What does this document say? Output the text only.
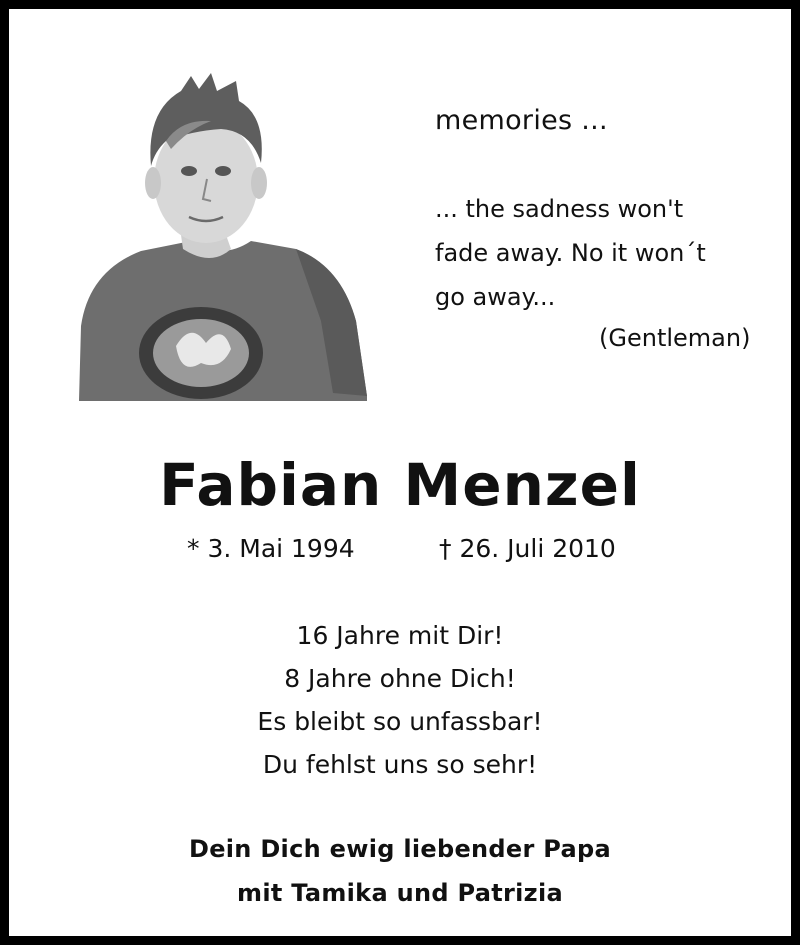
memories ...
... the sadness won't
fade away. No it won´t
go away...
(Gentleman)
Fabian Menzel
* 3. Mai 1994	† 26. Juli 2010
16 Jahre mit Dir!
8 Jahre ohne Dich!
Es bleibt so unfassbar!
Du fehlst uns so sehr!
Dein Dich ewig liebender Papa
mit Tamika und Patrizia
